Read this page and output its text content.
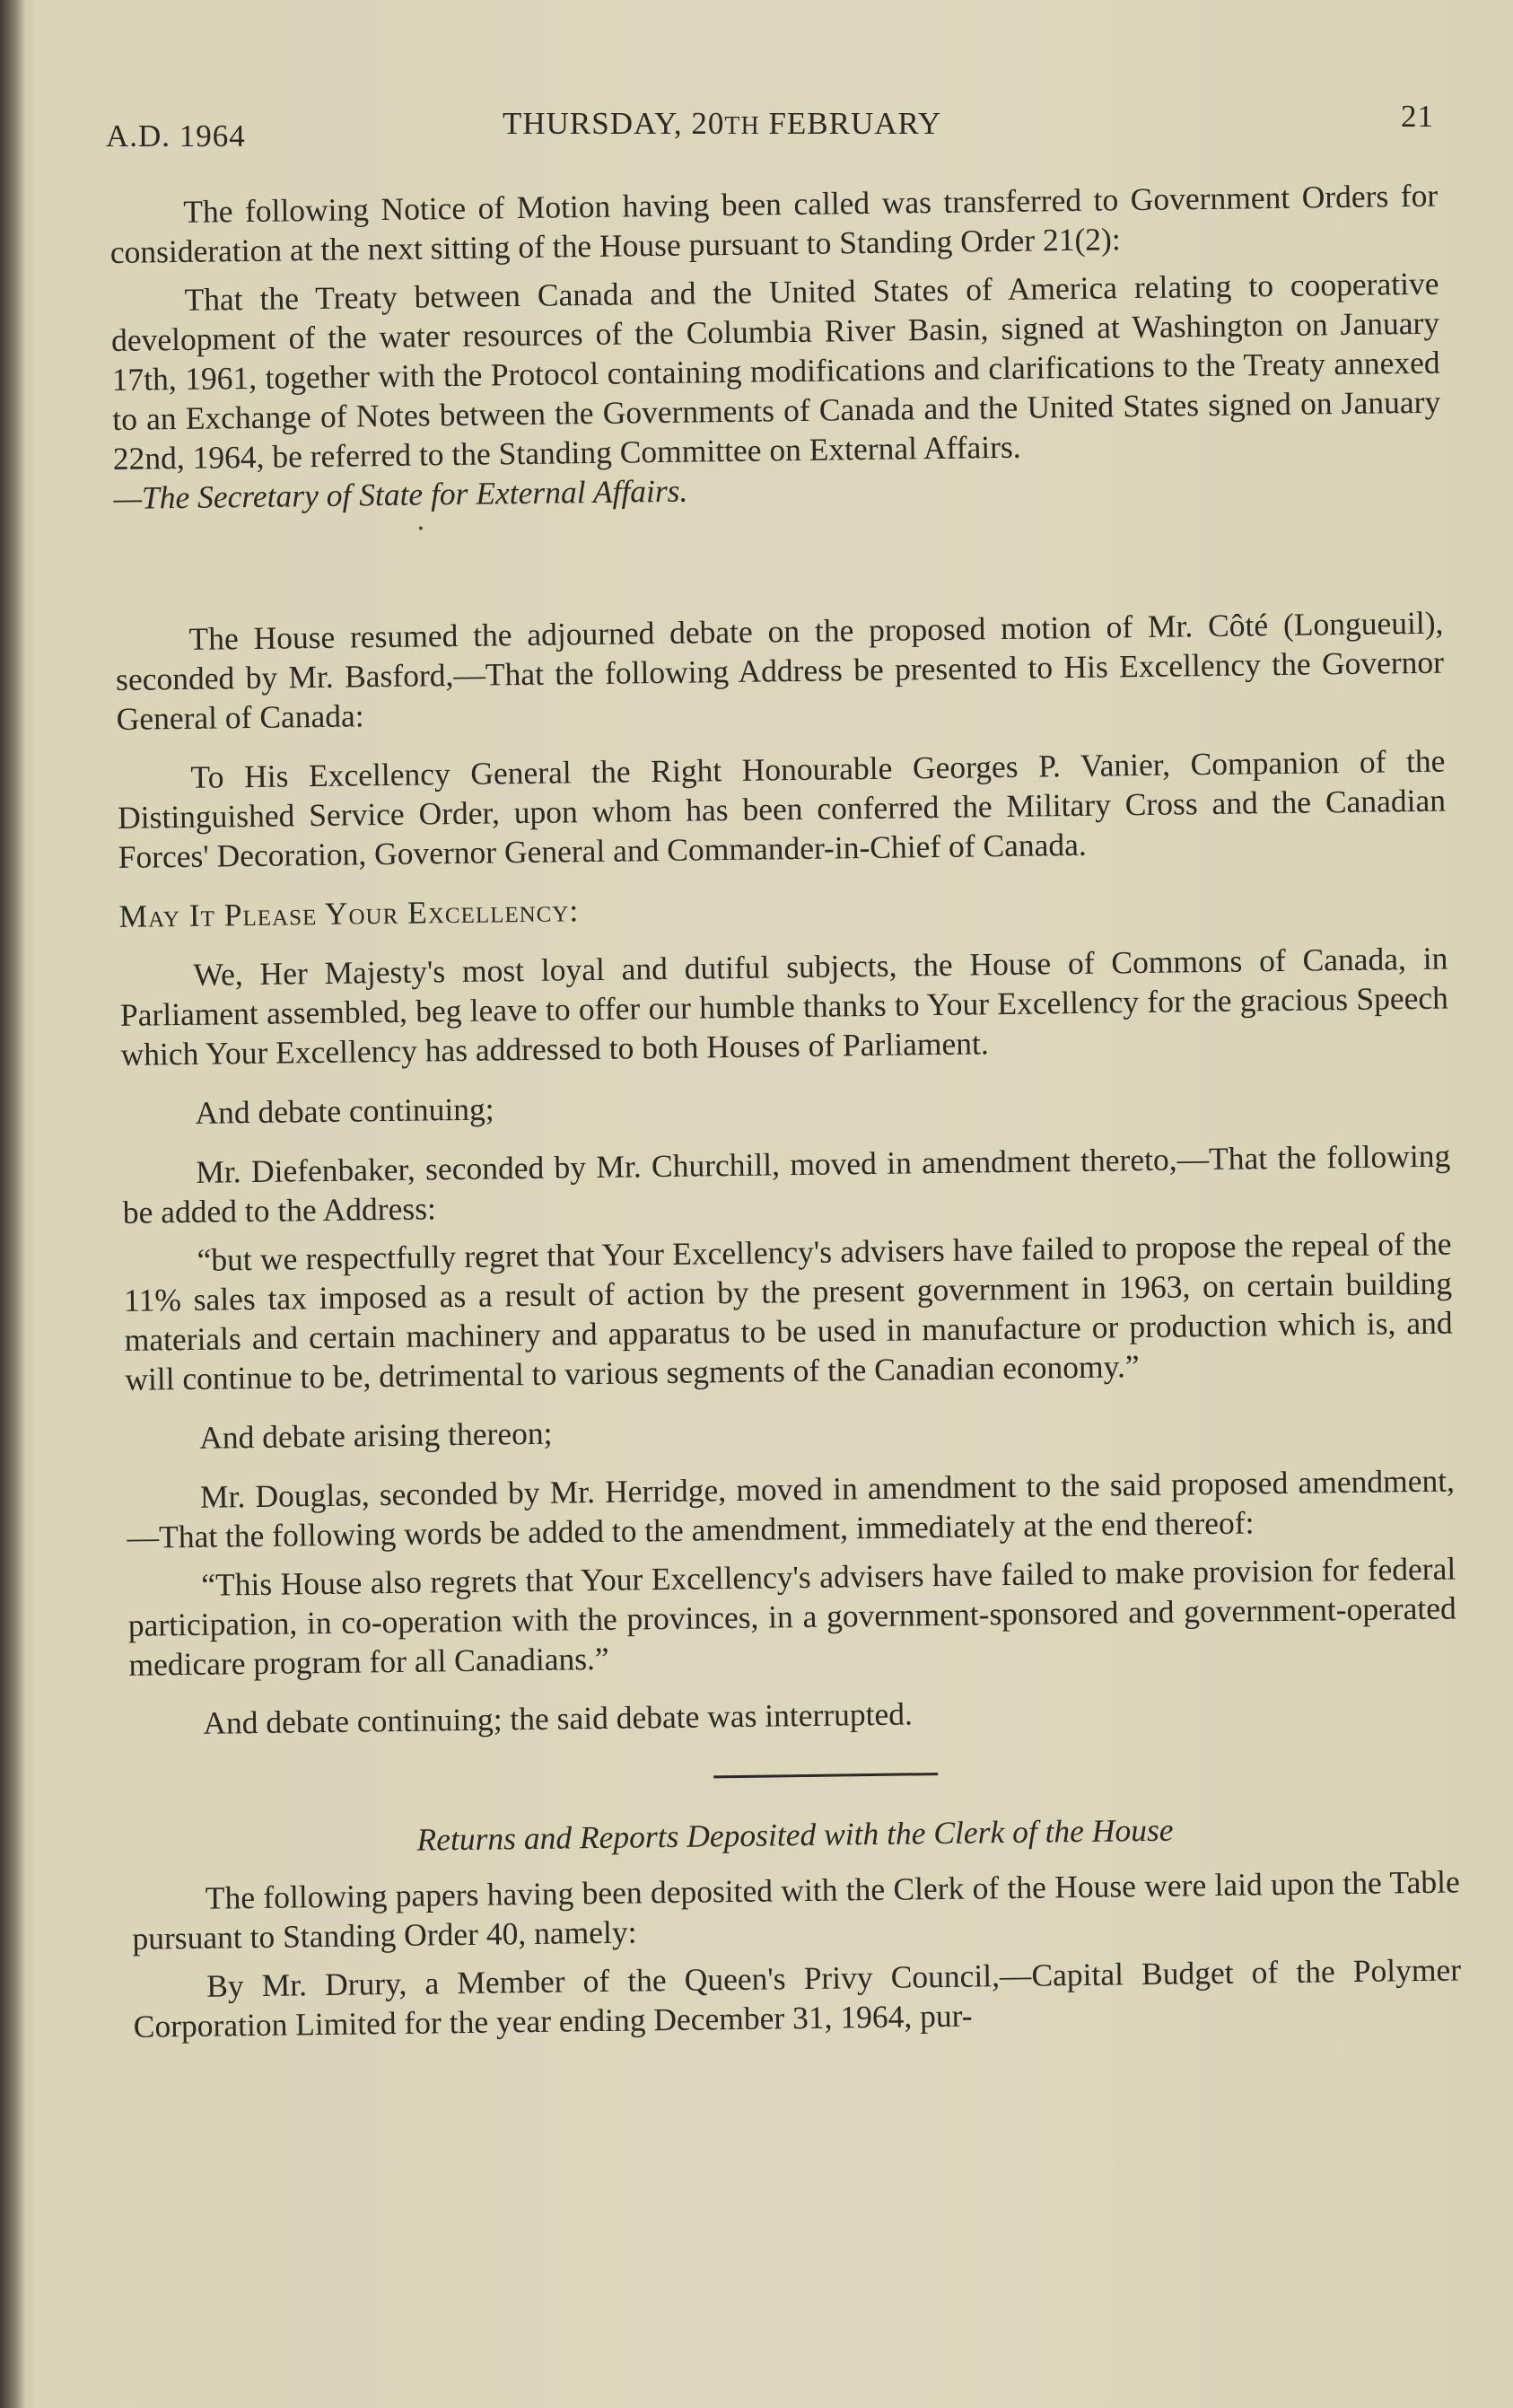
A.D. 1964	THURSDAY, 20TH FEBRUARY	21

The following Notice of Motion having been called was transferred to Government Orders for consideration at the next sitting of the House pursuant to Standing Order 21(2):

That the Treaty between Canada and the United States of America relating to cooperative development of the water resources of the Columbia River Basin, signed at Washington on January 17th, 1961, together with the Protocol containing modifications and clarifications to the Treaty annexed to an Exchange of Notes between the Governments of Canada and the United States signed on January 22nd, 1964, be referred to the Standing Committee on External Affairs.

—The Secretary of State for External Affairs.

The House resumed the adjourned debate on the proposed motion of Mr. Côté (Longueuil), seconded by Mr. Basford,—That the following Address be presented to His Excellency the Governor General of Canada:

To His Excellency General the Right Honourable Georges P. Vanier, Companion of the Distinguished Service Order, upon whom has been conferred the Military Cross and the Canadian Forces' Decoration, Governor General and Commander-in-Chief of Canada.

May It Please Your Excellency:

We, Her Majesty's most loyal and dutiful subjects, the House of Commons of Canada, in Parliament assembled, beg leave to offer our humble thanks to Your Excellency for the gracious Speech which Your Excellency has addressed to both Houses of Parliament.

And debate continuing;

Mr. Diefenbaker, seconded by Mr. Churchill, moved in amendment thereto,—That the following be added to the Address:

“but we respectfully regret that Your Excellency's advisers have failed to propose the repeal of the 11% sales tax imposed as a result of action by the present government in 1963, on certain building materials and certain machinery and apparatus to be used in manufacture or production which is, and will continue to be, detrimental to various segments of the Canadian economy.”

And debate arising thereon;

Mr. Douglas, seconded by Mr. Herridge, moved in amendment to the said proposed amendment,—That the following words be added to the amendment, immediately at the end thereof:

“This House also regrets that Your Excellency's advisers have failed to make provision for federal participation, in co-operation with the provinces, in a government-sponsored and government-operated medicare program for all Canadians.”

And debate continuing; the said debate was interrupted.

Returns and Reports Deposited with the Clerk of the House

The following papers having been deposited with the Clerk of the House were laid upon the Table pursuant to Standing Order 40, namely:

By Mr. Drury, a Member of the Queen's Privy Council,—Capital Budget of the Polymer Corporation Limited for the year ending December 31, 1964, pur-
